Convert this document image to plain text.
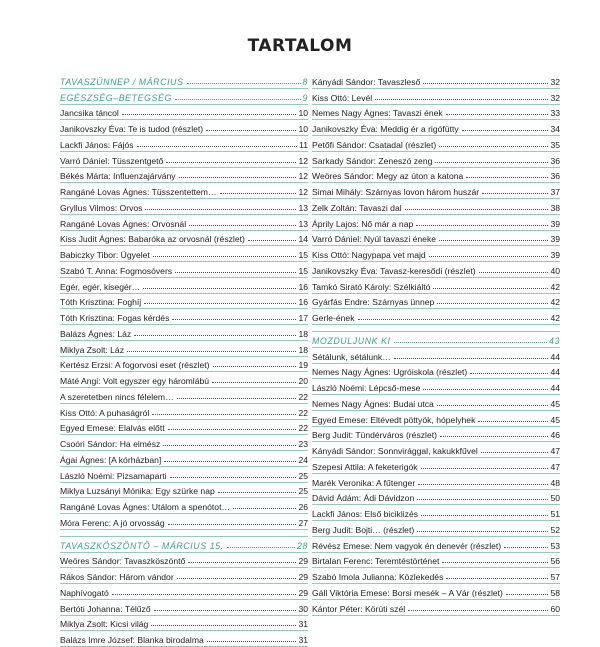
TARTALOM
TAVASZÜNNEP / MÁRCIUS	8
EGÉSZSÉG–BETEGSÉG	9
Jancsika táncol	10
Janikovszky Éva: Te is tudod (részlet)	10
Lackfi János: Fájós	11
Varró Dániel: Tüsszentgető	12
Békés Márta: Influenzajárvány	12
Rangáné Lovas Ágnes: Tüsszentettem…	12
Gryllus Vilmos: Orvos	13
Rangáné Lovas Ágnes: Orvosnál	13
Kiss Judit Ágnes: Babaróka az orvosnál (részlet)	14
Babiczky Tibor: Ügyelet	15
Szabó T. Anna: Fogmosóvers	15
Egér, egér, kisegér…	16
Tóth Krisztina: Foghíj	16
Tóth Krisztina: Fogas kérdés	17
Balázs Ágnes: Láz	18
Miklya Zsolt: Láz	18
Kertész Erzsi: A fogorvosi eset (részlet)	19
Máté Angi: Volt egyszer egy háromlábú	20
A szeretetben nincs félelem…	22
Kiss Ottó: A puhaságról	22
Egyed Emese: Elalvás előtt	22
Csoóri Sándor: Ha elmész	23
Ágai Ágnes: [A kórházban]	24
László Noémi: Pizsamaparti	25
Miklya Luzsányi Mónika: Egy szürke nap	25
Rangáné Lovas Ágnes: Utálom a spenótot…	26
Móra Ferenc: A jó orvosság	27
TAVASZKÖSZÖNTŐ – MÁRCIUS 15.	28
Weöres Sándor: Tavaszköszöntő	29
Rákos Sándor: Három vándor	29
Naphívogató	29
Bertóti Johanna: Télűző	30
Miklya Zsolt: Kicsi világ	31
Balázs Imre József: Blanka birodalma	31
Kányádi Sándor: Tavaszleső	32
Kiss Ottó: Levél	32
Nemes Nagy Ágnes: Tavaszi ének	33
Janikovszky Éva: Meddig ér a rigófütty	34
Petőfi Sándor: Csatadal (részlet)	35
Sarkady Sándor: Zeneszó zeng	36
Weöres Sándor: Megy az úton a katona	36
Simai Mihály: Szárnyas lovon három huszár	37
Zelk Zoltán: Tavaszi dal	38
Áprily Lajos: Nő már a nap	39
Varró Dániel: Nyúl tavaszi éneke	39
Kiss Ottó: Nagypapa vet majd	39
Janikovszky Éva: Tavasz-keresődi (részlet)	40
Tamkó Sirató Károly: Szélkiáltó	42
Gyárfás Endre: Szárnyas ünnep	42
Gerle-ének	42
MOZDULJUNK KI	43
Sétálunk, sétálunk…	44
Nemes Nagy Ágnes: Ugróiskola (részlet)	44
László Noémi: Lépcső-mese	44
Nemes Nagy Ágnes: Budai utca	45
Egyed Emese: Eltévedt pöttyök, hópelyhek	45
Berg Judit: Tündérváros (részlet)	46
Kányádi Sándor: Sonnvirággal, kakukkfűvel	47
Szepesi Attila: A feketerigók	47
Marék Veronika: A fűtenger	48
Dávid Ádám: Ádi Dávidzon	50
Lackfi János: Első biciklizés	51
Berg Judit: Bojti… (részlet)	52
Révész Emese: Nem vagyok én denevér (részlet)	53
Birtalan Ferenc: Teremtéstörténet	56
Szabó Imola Julianna: Közlekedés	57
Gáll Viktória Emese: Borsi mesék – A Vár (részlet)	58
Kántor Péter: Körúti szél	60
